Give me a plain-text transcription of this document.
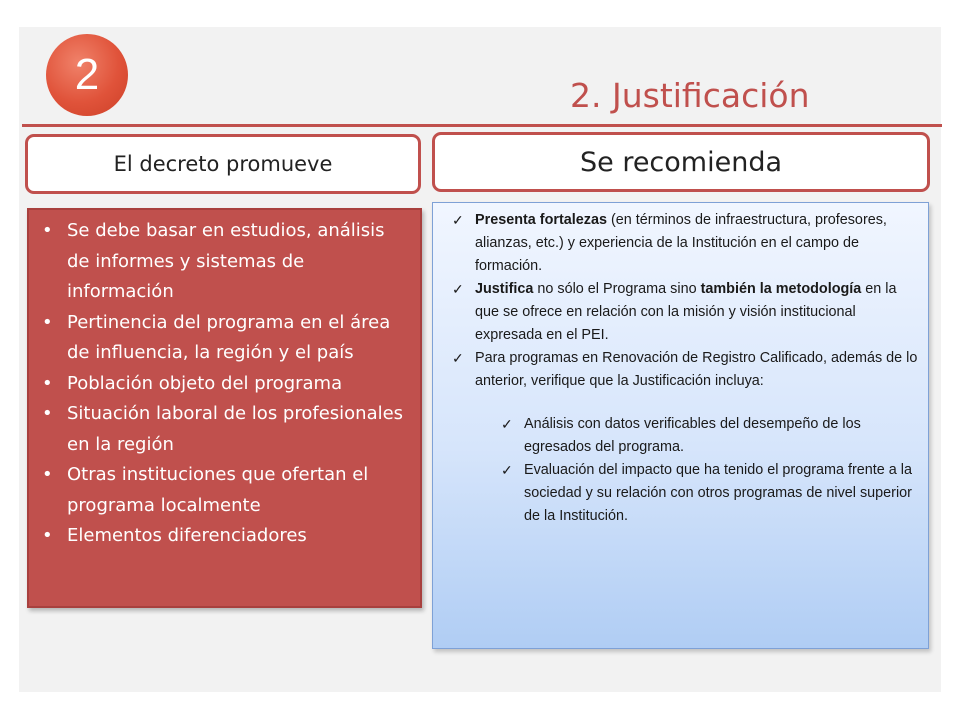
2	2. Justificación
El decreto promueve	Se recomienda
• Se debe basar en estudios, análisis de informes y sistemas de información
• Pertinencia del programa en el área de influencia, la región y el país
• Población objeto del programa
• Situación laboral de los profesionales en la región
• Otras instituciones que ofertan el programa localmente
• Elementos diferenciadores
✓ Presenta fortalezas (en términos de infraestructura, profesores, alianzas, etc.) y experiencia de la Institución en el campo de formación.
✓ Justifica no sólo el Programa sino también la metodología en la que se ofrece en relación con la misión y visión institucional expresada en el PEI.
✓ Para programas en Renovación de Registro Calificado, además de lo anterior, verifique que la Justificación incluya:
✓ Análisis con datos verificables del desempeño de los egresados del programa.
✓ Evaluación del impacto que ha tenido el programa frente a la sociedad y su relación con otros programas de nivel superior de la Institución.
